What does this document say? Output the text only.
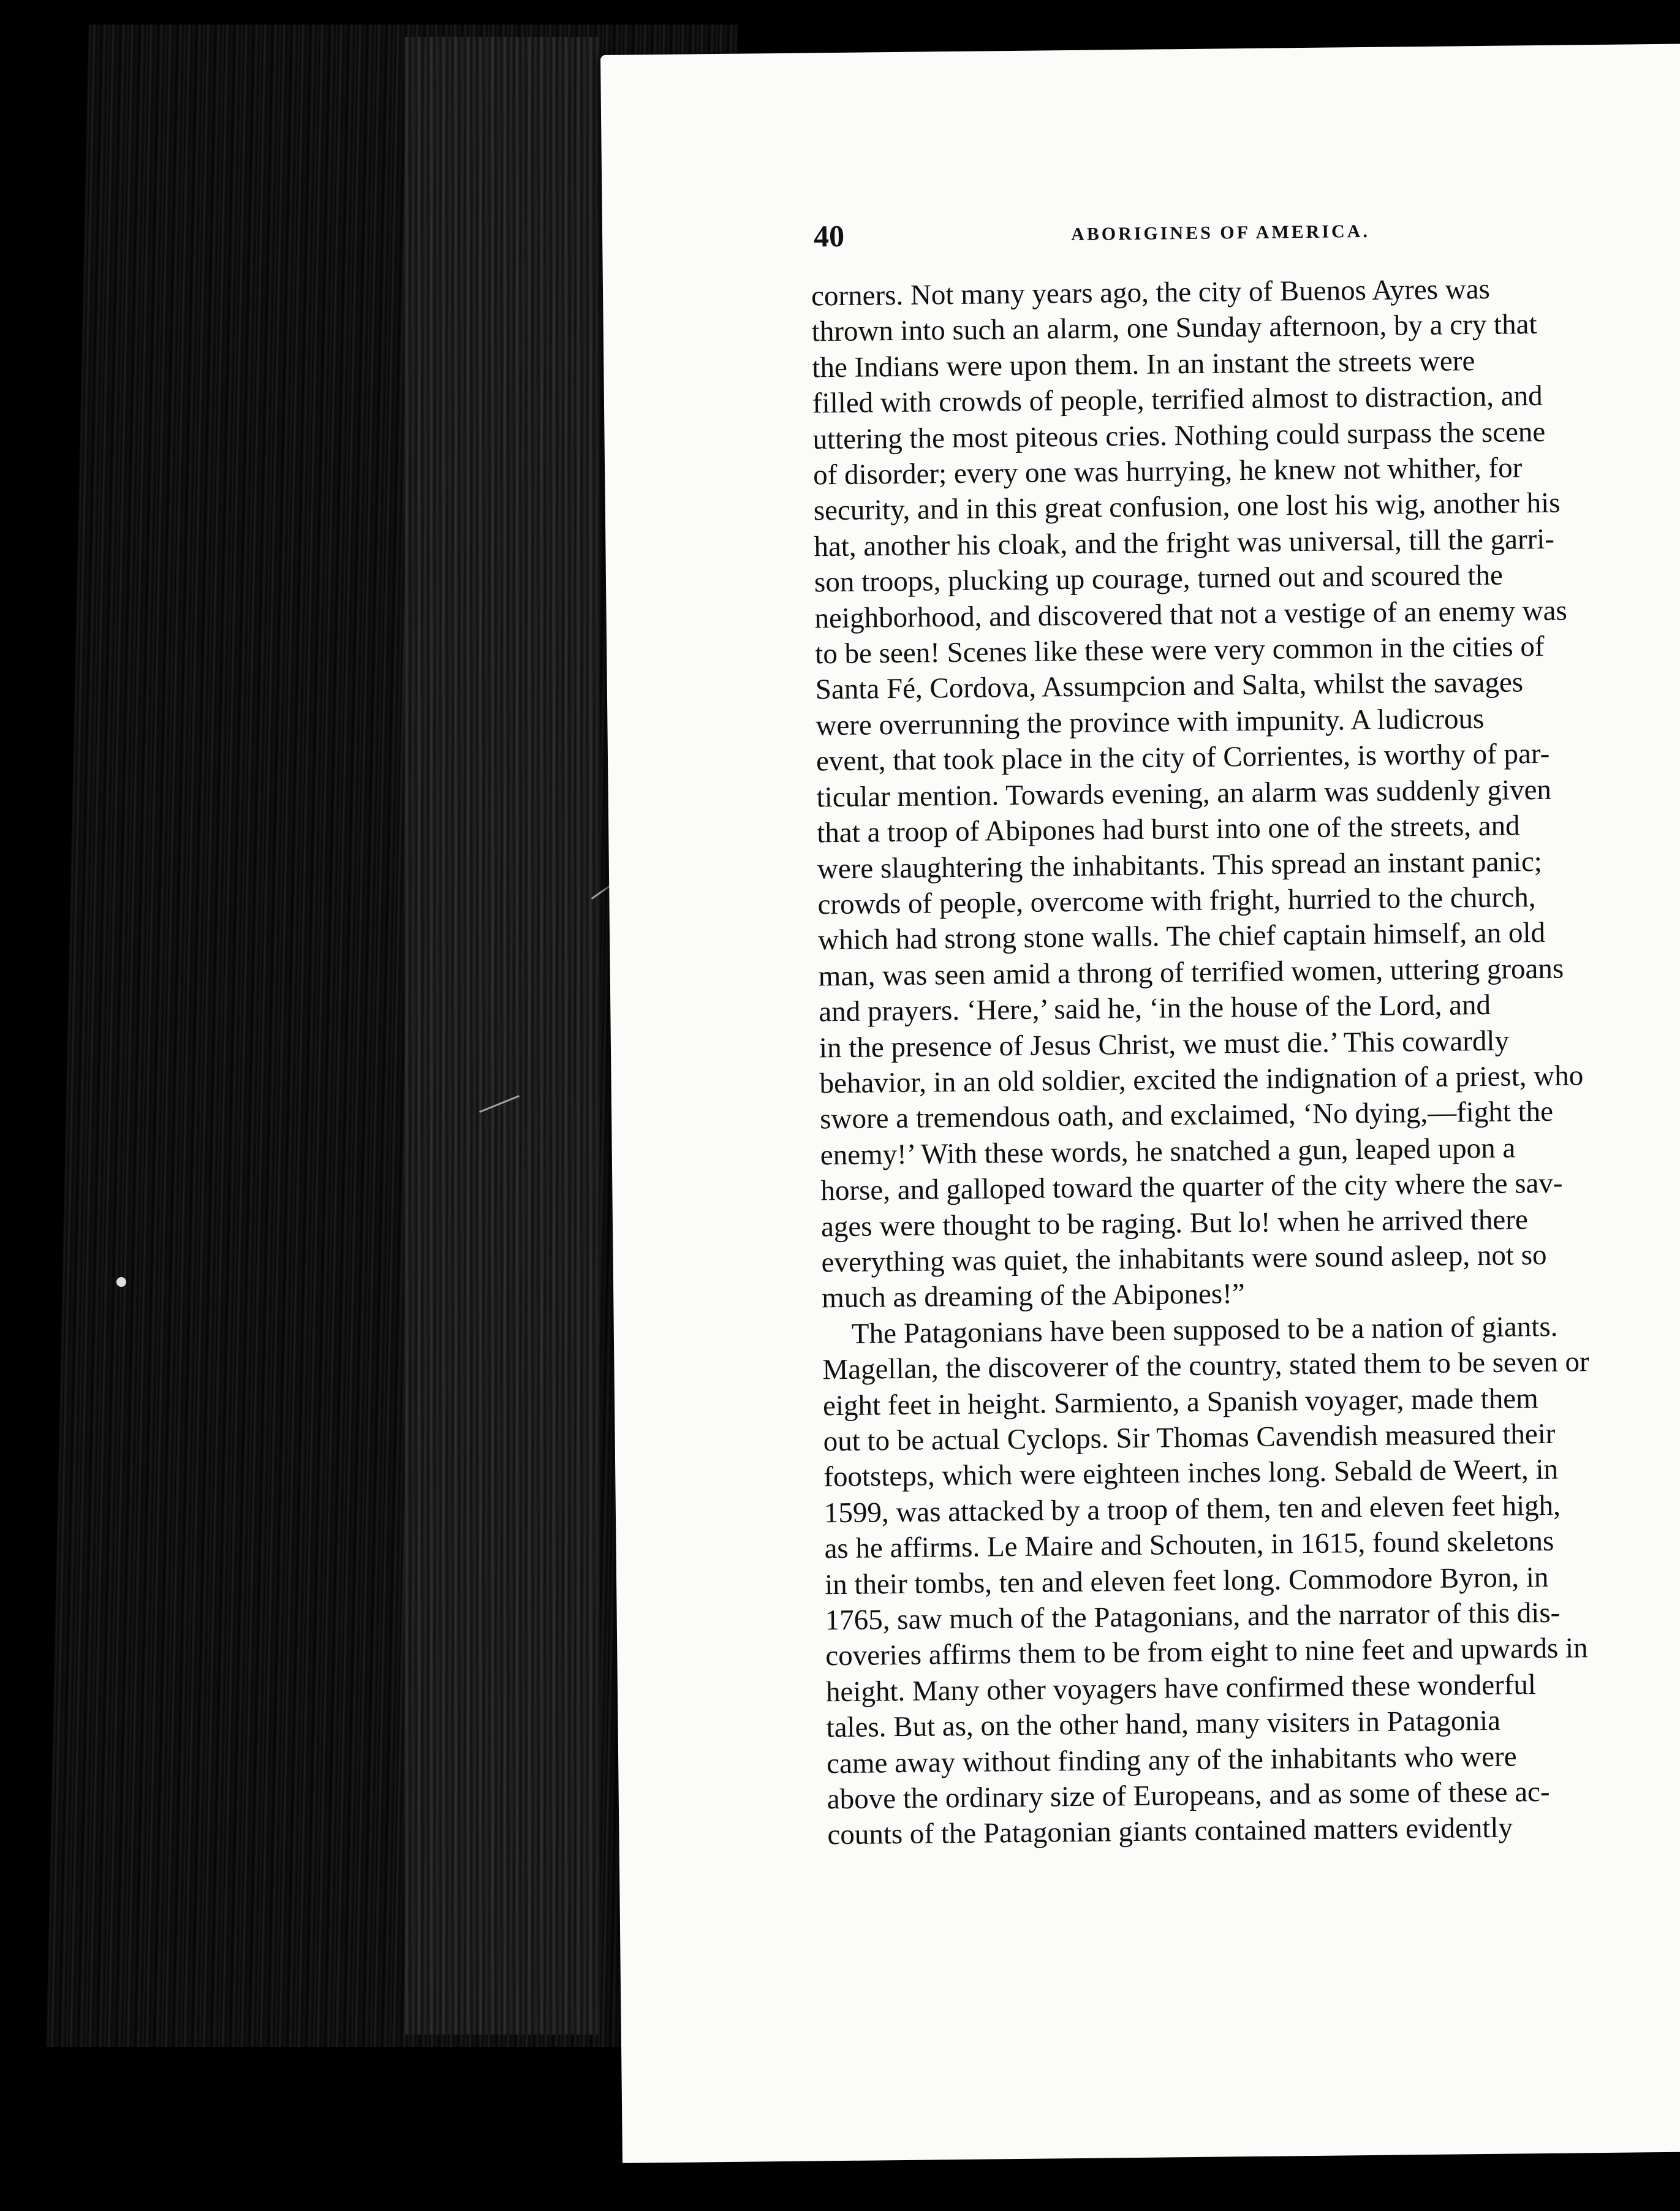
40	ABORIGINES OF AMERICA.
corners. Not many years ago, the city of Buenos Ayres was
thrown into such an alarm, one Sunday afternoon, by a cry that
the Indians were upon them. In an instant the streets were
filled with crowds of people, terrified almost to distraction, and
uttering the most piteous cries. Nothing could surpass the scene
of disorder; every one was hurrying, he knew not whither, for
security, and in this great confusion, one lost his wig, another his
hat, another his cloak, and the fright was universal, till the garri-
son troops, plucking up courage, turned out and scoured the
neighborhood, and discovered that not a vestige of an enemy was
to be seen! Scenes like these were very common in the cities of
Santa Fé, Cordova, Assumpcion and Salta, whilst the savages
were overrunning the province with impunity. A ludicrous
event, that took place in the city of Corrientes, is worthy of par-
ticular mention. Towards evening, an alarm was suddenly given
that a troop of Abipones had burst into one of the streets, and
were slaughtering the inhabitants. This spread an instant panic;
crowds of people, overcome with fright, hurried to the church,
which had strong stone walls. The chief captain himself, an old
man, was seen amid a throng of terrified women, uttering groans
and prayers. ‘Here,’ said he, ‘in the house of the Lord, and
in the presence of Jesus Christ, we must die.’ This cowardly
behavior, in an old soldier, excited the indignation of a priest, who
swore a tremendous oath, and exclaimed, ‘No dying,—fight the
enemy!’ With these words, he snatched a gun, leaped upon a
horse, and galloped toward the quarter of the city where the sav-
ages were thought to be raging. But lo! when he arrived there
everything was quiet, the inhabitants were sound asleep, not so
much as dreaming of the Abipones!”
The Patagonians have been supposed to be a nation of giants.
Magellan, the discoverer of the country, stated them to be seven or
eight feet in height. Sarmiento, a Spanish voyager, made them
out to be actual Cyclops. Sir Thomas Cavendish measured their
footsteps, which were eighteen inches long. Sebald de Weert, in
1599, was attacked by a troop of them, ten and eleven feet high,
as he affirms. Le Maire and Schouten, in 1615, found skeletons
in their tombs, ten and eleven feet long. Commodore Byron, in
1765, saw much of the Patagonians, and the narrator of this dis-
coveries affirms them to be from eight to nine feet and upwards in
height. Many other voyagers have confirmed these wonderful
tales. But as, on the other hand, many visiters in Patagonia
came away without finding any of the inhabitants who were
above the ordinary size of Europeans, and as some of these ac-
counts of the Patagonian giants contained matters evidently
